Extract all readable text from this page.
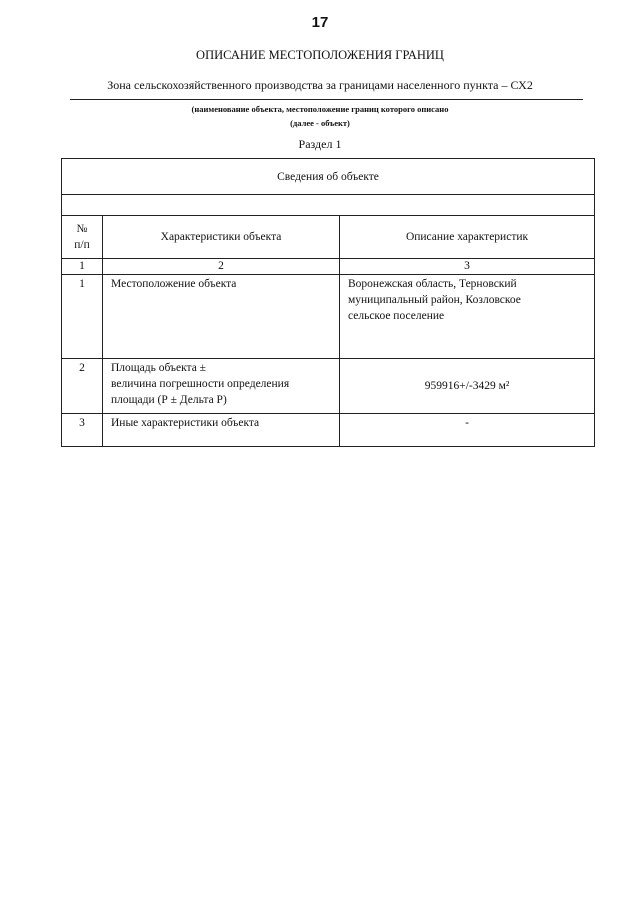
17
ОПИСАНИЕ МЕСТОПОЛОЖЕНИЯ ГРАНИЦ
Зона сельскохозяйственного производства за границами населенного пункта – СХ2
(наименование объекта, местоположение границ которого описано
(далее - объект)
Раздел 1
Сведения об объекте		

№
п/п	Характеристики объекта	Описание характеристик
1	2	3
1	Местоположение объекта	Воронежская область, Терновский
муниципальный район, Козловское
сельское поселение

2	Площадь объекта ±
величина погрешности определения
площади (Р ± Дельта Р)	959916+/-3429 м²

3	Иные характеристики объекта	-
